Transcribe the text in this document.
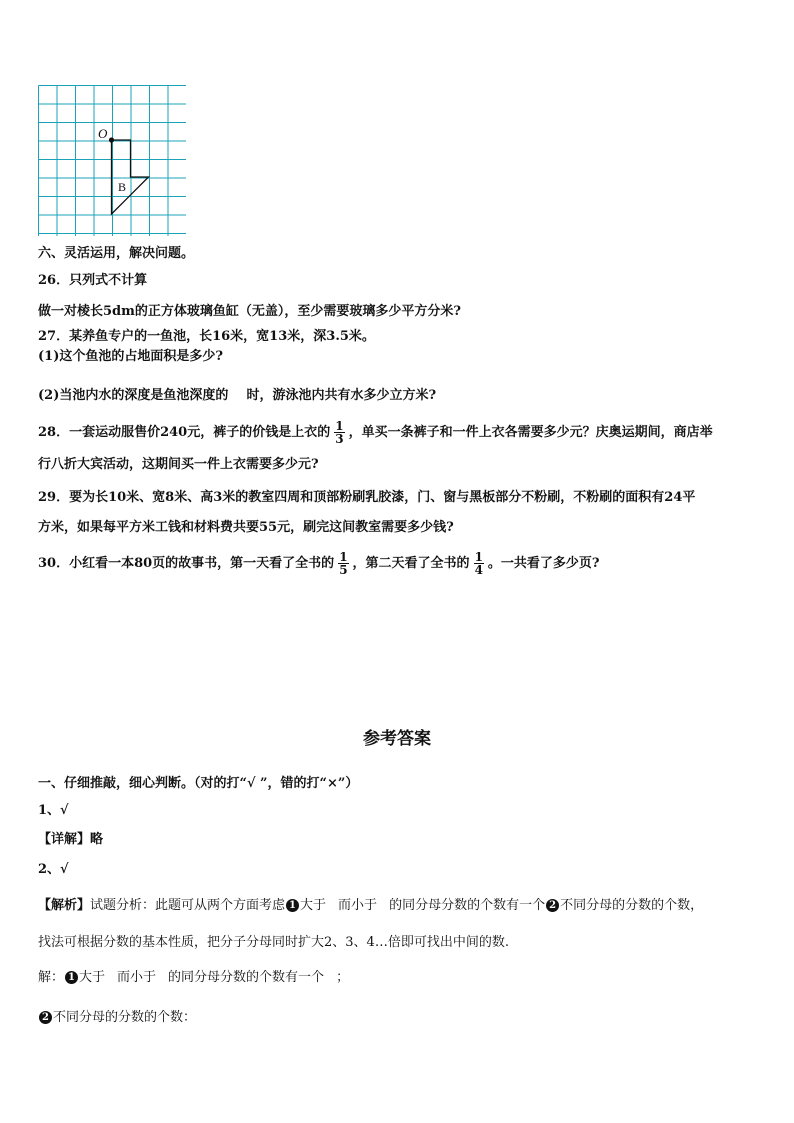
O
B
六、灵活运用，解决问题。
26．只列式不计算
做一对棱长5dm的正方体玻璃鱼缸（无盖），至少需要玻璃多少平方分米?
27．某养鱼专户的一鱼池，长16米，宽13米，深3.5米。
(1)这个鱼池的占地面积是多少?
(2)当池内水的深度是鱼池深度的    时，游泳池内共有水多少立方米?
28．一套运动服售价240元，裤子的价钱是上衣的 $\frac{1}{3}$ ，单买一条裤子和一件上衣各需要多少元？庆奥运期间，商店举
行八折大宾活动，这期间买一件上衣需要多少元?
29．要为长10米、宽8米、高3米的教室四周和顶部粉刷乳胶漆，门、窗与黑板部分不粉刷，不粉刷的面积有24平
方米，如果每平方米工钱和材料费共要55元，刷完这间教室需要多少钱?
30．小红看一本80页的故事书，第一天看了全书的 $\frac{1}{5}$ ，第二天看了全书的 $\frac{1}{4}$ 。一共看了多少页?
参考答案
一、仔细推敲，细心判断。（对的打“√ ”，错的打“×”）
1、√
【详解】略
2、√
【解析】试题分析：此题可从两个方面考虑 1 大于 而小于 的同分母分数的个数有一个 2 不同分母的分数的个数，
找法可根据分数的基本性质，把分子分母同时扩大2、3、4…倍即可找出中间的数.
解： 1 大于 而小于 的同分母分数的个数有一个 ；
2 不同分母的分数的个数：
